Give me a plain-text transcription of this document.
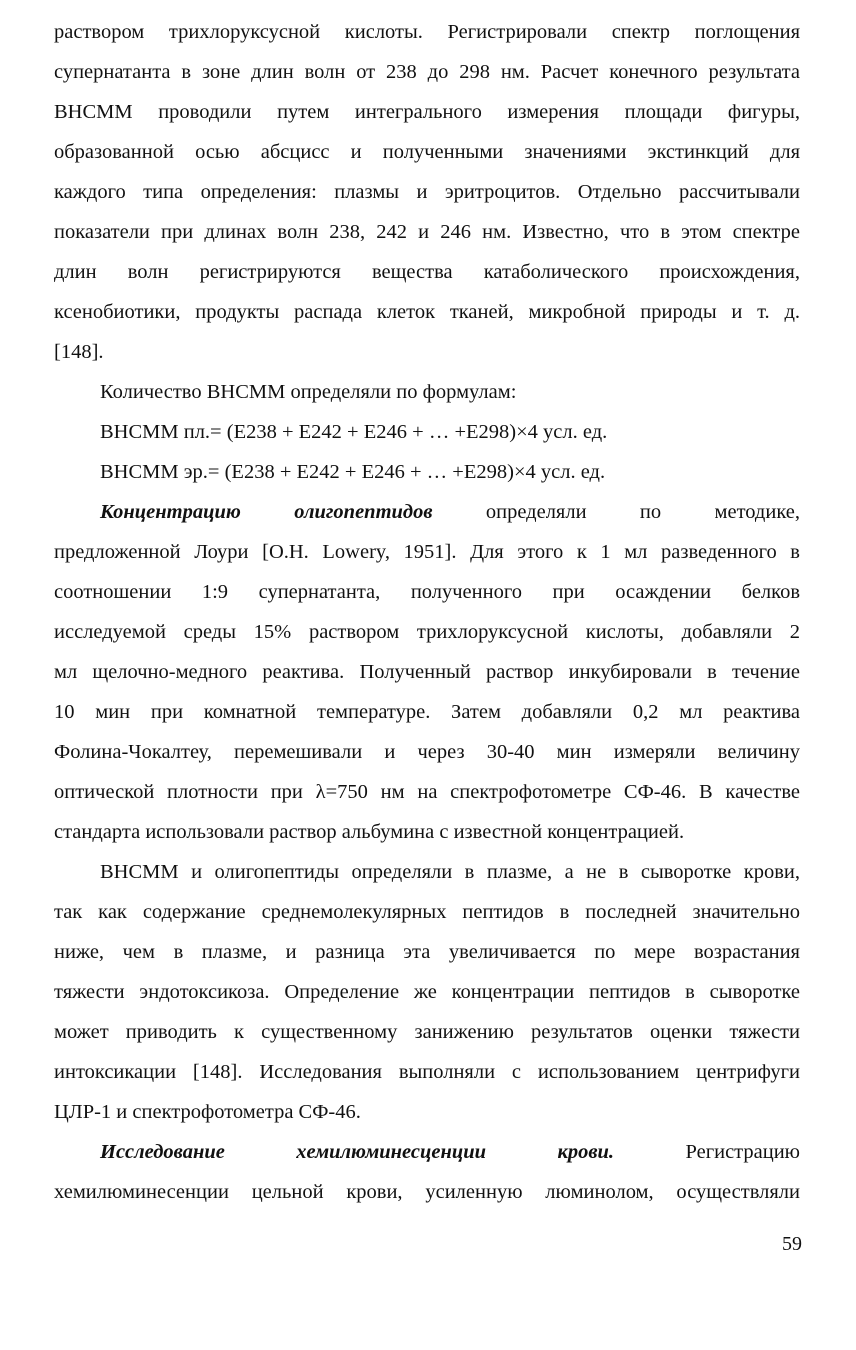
раствором трихлоруксусной кислоты. Регистрировали спектр поглощения
супернатанта в зоне длин волн от 238 до 298 нм. Расчет конечного результата
ВНСММ проводили путем интегрального измерения площади фигуры,
образованной осью абсцисс и полученными значениями экстинкций для
каждого типа определения: плазмы и эритроцитов. Отдельно рассчитывали
показатели при длинах волн 238, 242 и 246 нм. Известно, что в этом спектре
длин волн регистрируются вещества катаболического происхождения,
ксенобиотики, продукты распада клеток тканей, микробной природы и т. д.
[148].
Количество ВНСММ определяли по формулам:
ВНСММ пл.= (Е238 + Е242 + Е246 + … +Е298)×4 усл. ед.
ВНСММ эр.= (Е238 + Е242 + Е246 + … +Е298)×4 усл. ед.
Концентрацию олигопептидов	определяли по методике,
предложенной Лоури [О.Н. Lowery, 1951]. Для этого к 1 мл разведенного в
соотношении 1:9 супернатанта, полученного при осаждении белков
исследуемой среды 15% раствором трихлоруксусной кислоты, добавляли 2
мл щелочно-медного реактива. Полученный раствор инкубировали в течение
10 мин при комнатной температуре. Затем добавляли 0,2 мл реактива
Фолина-Чокалтеу, перемешивали и через 30-40 мин измеряли величину
оптической плотности при λ=750 нм на спектрофотометре СФ-46. В качестве
стандарта использовали раствор альбумина с известной концентрацией.
ВНСММ и олигопептиды определяли в плазме, а не в сыворотке крови,
так как содержание среднемолекулярных пептидов в последней значительно
ниже, чем в плазме, и разница эта увеличивается по мере возрастания
тяжести эндотоксикоза. Определение же концентрации пептидов в сыворотке
может приводить к существенному занижению результатов оценки тяжести
интоксикации [148]. Исследования выполняли с использованием центрифуги
ЦЛР-1 и спектрофотометра СФ-46.
Исследование хемилюминесценции крови.	Регистрацию
хемилюминесенции цельной крови, усиленную люминолом, осуществляли
59
